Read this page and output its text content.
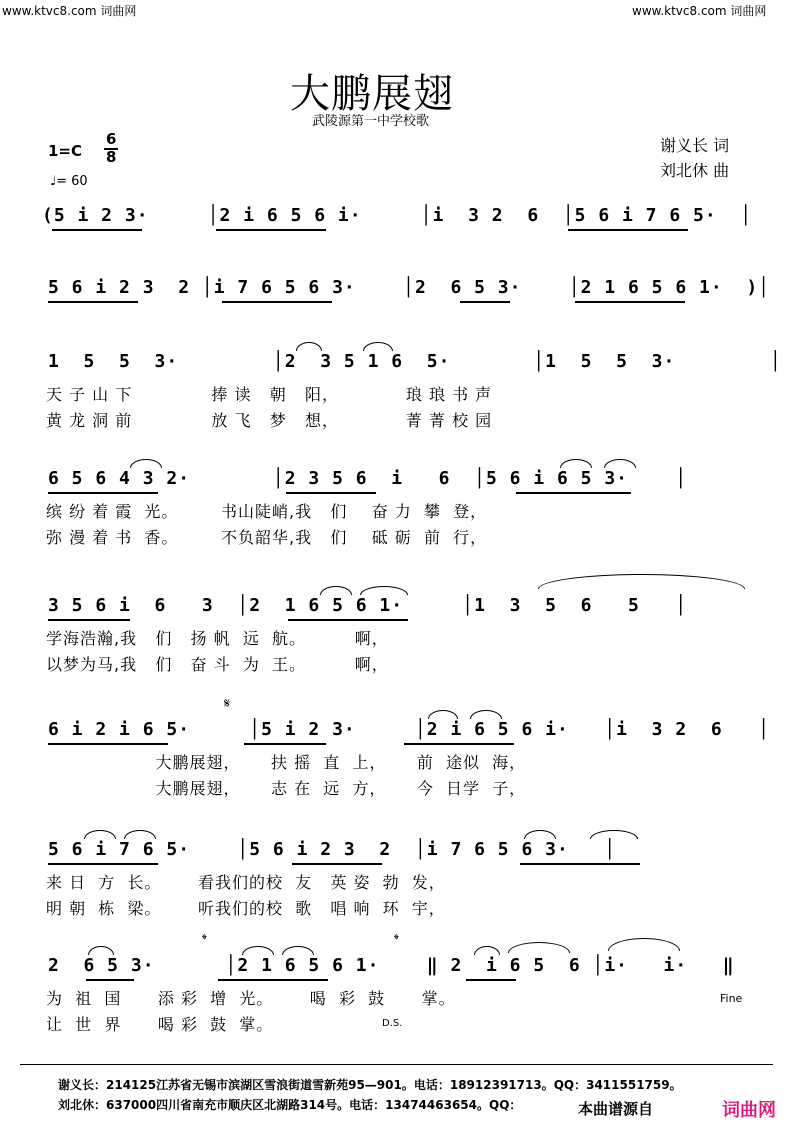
www.ktvc8.com 词曲网	www.ktvc8.com 词曲网
大鹏展翅
武陵源第一中学校歌
1=C
6
8
♩= 60
谢义长 词
刘北休 曲
(5 i 2 3·     │2 i 6 5 6 i·     │i  3 2  6  │5 6 i 7 6 5·  │
5 6 i 2 3  2 │i 7 6 5 6 3·    │2  6 5 3·    │2 1 6 5 6 1·  )│
1  5  5  3·        │2  3 5 1 6  5·       │1  5  5  3·        │
天 子 山 下             捧 读   朝   阳，           琅 琅 书 声
黄 龙 洞 前             放 飞   梦   想，           菁 菁 校 园
6 5 6 4 3 2·       │2 3 5 6  i   6  │5 6 i 6 5 3·    │
缤 纷 着 霞  光。       书山陡峭,我   们    奋 力  攀  登，
弥 漫 着 书  香。       不负韶华,我   们    砥 砺  前  行，
3 5 6 i  6   3  │2  1 6 5 6 1·     │1  3  5  6   5   │
学海浩瀚,我   们   扬 帆  远  航。        啊，
以梦为马,我   们   奋 斗  为  王。        啊，
𝄋
6 i 2 i 6 5·     │5 i 2 3·     │2 i 6 5 6 i·   │i  3 2  6   │
大鹏展翅，     扶 摇  直  上，     前  途似  海，
大鹏展翅，     志 在  远  方，     今  日学  子，
5 6 i 7 6 5·    │5 6 i 2 3  2  │i 7 6 5 6 3·   │
来 日  方  长。      看我们的校  友   英 姿  勃  发，
明 朝  栋  梁。      听我们的校  歌   唱 响  环  宇，
𝄌	𝄌
2  6 5 3·      │2 1 6 5 6 1·    ‖ 2  i 6 5  6 │i·   i·   ‖
为  祖  国      添 彩  增  光。      喝  彩  鼓      掌。
让  世  界      喝 彩  鼓  掌。	D.S.
Fine
谢义长：214125江苏省无锡市滨湖区雪浪街道雪新苑95—901。电话：18912391713。QQ：3411551759。
刘北休：637000四川省南充市顺庆区北湖路314号。电话：13474463654。QQ：	本曲谱源自	词曲网
